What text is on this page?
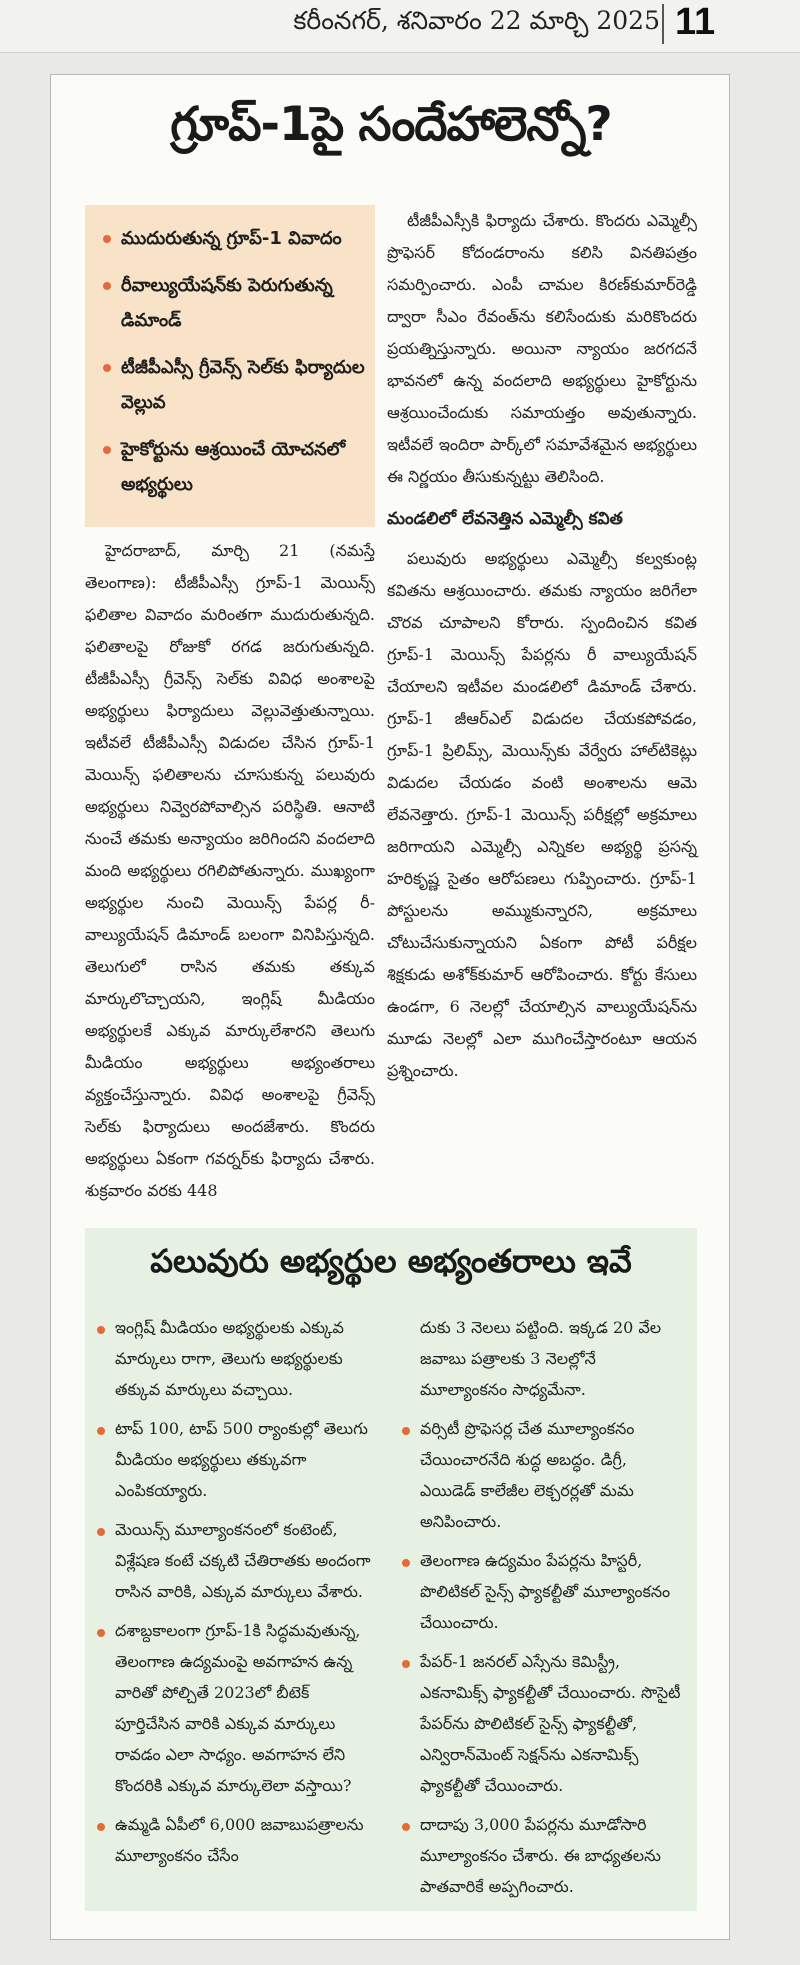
కరీంనగర్, శనివారం 22 మార్చి 2025 11
గ్రూప్‌-1పై సందేహాలెన్నో?
ముదురుతున్న గ్రూప్‌-1 వివాదం
రీవాల్యుయేషన్‌కు పెరుగుతున్న డిమాండ్
టీజీపీఎస్సీ గ్రీవెన్స్ సెల్‌కు ఫిర్యాదుల వెల్లువ
హైకోర్టును ఆశ్రయించే యోచనలో అభ్యర్థులు

హైదరాబాద్, మార్చి 21 (నమస్తే తెలంగాణ): టీజీపీఎస్సీ గ్రూప్‌-1 మెయిన్స్ ఫలితాల వివాదం మరింతగా ముదురుతున్నది. ఫలితాలపై రోజుకో రగడ జరుగుతున్నది. టీజీపీఎస్సీ గ్రీవెన్స్ సెల్‌కు వివిధ అంశాలపై అభ్యర్థులు ఫిర్యాదులు వెల్లువెత్తుతున్నాయి. ఇటీవలే టీజీపీఎస్సీ విడుదల చేసిన గ్రూప్‌-1 మెయిన్స్ ఫలితాలను చూసుకున్న పలువురు అభ్యర్థులు నివ్వెరపోవాల్సిన పరిస్థితి. ఆనాటి నుంచే తమకు అన్యాయం జరిగిందని వందలాది మంది అభ్యర్థులు రగిలిపోతున్నారు. ముఖ్యంగా అభ్యర్థుల నుంచి మెయిన్స్ పేపర్ల రీ-వాల్యుయేషన్ డిమాండ్ బలంగా వినిపిస్తున్నది. తెలుగులో రాసిన తమకు తక్కువ మార్కులొచ్చాయని, ఇంగ్లిష్ మీడియం అభ్యర్థులకే ఎక్కువ మార్కులేశారని తెలుగు మీడియం అభ్యర్థులు అభ్యంతరాలు వ్యక్తంచేస్తున్నారు. వివిధ అంశాలపై గ్రీవెన్స్ సెల్‌కు ఫిర్యాదులు అందజేశారు. కొందరు అభ్యర్థులు ఏకంగా గవర్నర్‌కు ఫిర్యాదు చేశారు. శుక్రవారం వరకు 448

టీజీపీఎస్సీకి ఫిర్యాదు చేశారు. కొందరు ఎమ్మెల్సీ ప్రొఫెసర్ కోదండరాంను కలిసి వినతిపత్రం సమర్పించారు. ఎంపీ చామల కిరణ్‌కుమార్‌రెడ్డి ద్వారా సీఎం రేవంత్‌ను కలిసేందుకు మరికొందరు ప్రయత్నిస్తున్నారు. అయినా న్యాయం జరగదనే భావనలో ఉన్న వందలాది అభ్యర్థులు హైకోర్టును ఆశ్రయించేందుకు సమాయత్తం అవుతున్నారు. ఇటీవలే ఇందిరా పార్క్‌లో సమావేశమైన అభ్యర్థులు ఈ నిర్ణయం తీసుకున్నట్టు తెలిసింది.

మండలిలో లేవనెత్తిన ఎమ్మెల్సీ కవిత

పలువురు అభ్యర్థులు ఎమ్మెల్సీ కల్వకుంట్ల కవితను ఆశ్రయించారు. తమకు న్యాయం జరిగేలా చొరవ చూపాలని కోరారు. స్పందించిన కవిత గ్రూప్‌-1 మెయిన్స్ పేపర్లను రీ వాల్యుయేషన్ చేయాలని ఇటీవల మండలిలో డిమాండ్ చేశారు. గ్రూప్‌-1 జీఆర్‌ఎల్ విడుదల చేయకపోవడం, గ్రూప్‌-1 ప్రిలిమ్స్, మెయిన్స్‌కు వేర్వేరు హాల్‌టికెట్లు విడుదల చేయడం వంటి అంశాలను ఆమె లేవనెత్తారు. గ్రూప్‌-1 మెయిన్స్ పరీక్షల్లో అక్రమాలు జరిగాయని ఎమ్మెల్సీ ఎన్నికల అభ్యర్థి ప్రసన్న హరికృష్ణ సైతం ఆరోపణలు గుప్పించారు. గ్రూప్‌-1 పోస్టులను అమ్ముకున్నారని, అక్రమాలు చోటుచేసుకున్నాయని ఏకంగా పోటీ పరీక్షల శిక్షకుడు అశోక్‌కుమార్ ఆరోపించారు. కోర్టు కేసులు ఉండగా, 6 నెలల్లో చేయాల్సిన వాల్యుయేషన్‌ను మూడు నెలల్లో ఎలా ముగించేస్తారంటూ ఆయన ప్రశ్నించారు.

పలువురు అభ్యర్థుల అభ్యంతరాలు ఇవే
ఇంగ్లిష్ మీడియం అభ్యర్థులకు ఎక్కువ మార్కులు రాగా, తెలుగు అభ్యర్థులకు తక్కువ మార్కులు వచ్చాయి.
టాప్ 100, టాప్ 500 ర్యాంకుల్లో తెలుగు మీడియం అభ్యర్థులు తక్కువగా ఎంపికయ్యారు.
మెయిన్స్ మూల్యాంకనంలో కంటెంట్, విశ్లేషణ కంటే చక్కటి చేతిరాతకు అందంగా రాసిన వారికి, ఎక్కువ మార్కులు వేశారు.
దశాబ్దకాలంగా గ్రూప్‌-1కి సిద్ధమవుతున్న, తెలంగాణ ఉద్యమంపై అవగాహన ఉన్న వారితో పోల్చితే 2023లో బీటెక్ పూర్తిచేసిన వారికి ఎక్కువ మార్కులు రావడం ఎలా సాధ్యం. అవగాహన లేని కొందరికి ఎక్కువ మార్కులెలా వస్తాయి?
ఉమ్మడి ఏపీలో 6,000 జవాబుపత్రాలను మూల్యాంకనం చేసేం
దుకు 3 నెలలు పట్టింది. ఇక్కడ 20 వేల జవాబు పత్రాలకు 3 నెలల్లోనే మూల్యాంకనం సాధ్యమేనా.
వర్సిటీ ప్రొఫెసర్ల చేత మూల్యాంకనం చేయించారనేది శుద్ధ అబద్ధం. డిగ్రీ, ఎయిడెడ్ కాలేజీల లెక్చరర్లతో మమ అనిపించారు.
తెలంగాణ ఉద్యమం పేపర్లను హిస్టరీ, పొలిటికల్ సైన్స్ ఫ్యాకల్టీతో మూల్యాంకనం చేయించారు.
పేపర్‌-1 జనరల్ ఎస్సేను కెమిస్ట్రీ, ఎకనామిక్స్ ఫ్యాకల్టీతో చేయించారు. సొసైటీ పేపర్‌ను పొలిటికల్ సైన్స్ ఫ్యాకల్టీతో, ఎన్విరాన్‌మెంట్ సెక్షన్‌ను ఎకనామిక్స్ ఫ్యాకల్టీతో చేయించారు.
దాదాపు 3,000 పేపర్లను మూడోసారి మూల్యాంకనం చేశారు. ఈ బాధ్యతలను పాతవారికే అప్పగించారు.
